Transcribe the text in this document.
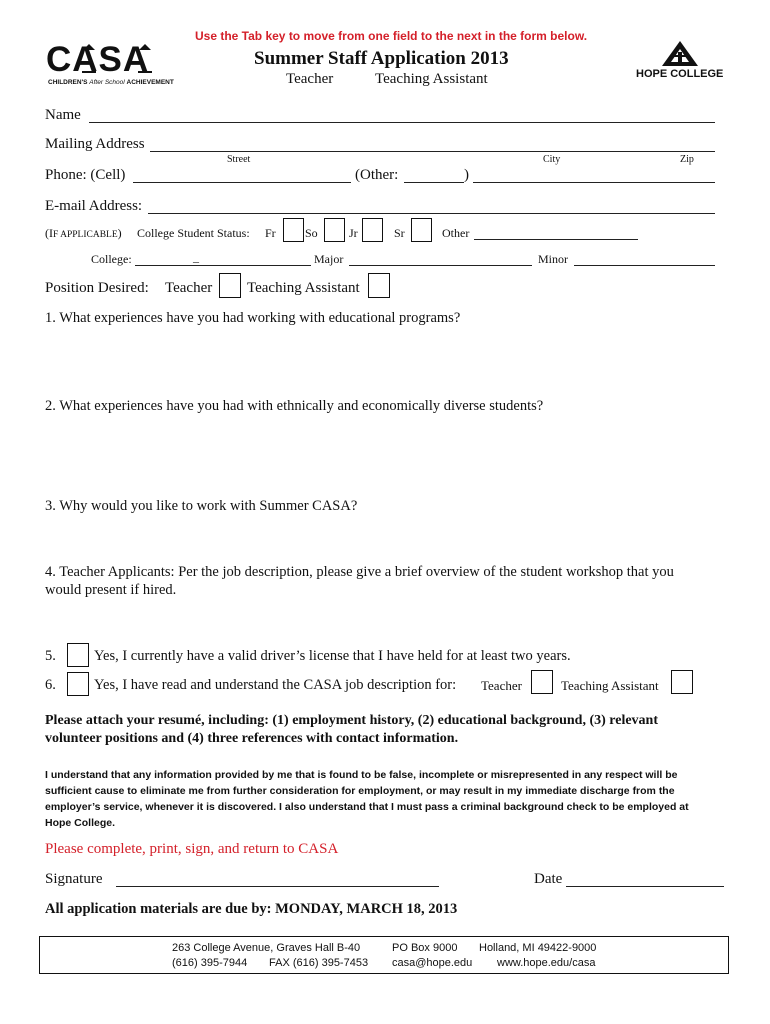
Use the Tab key to move from one field to the next in the form below.
CASA
CHILDREN'S After School ACHIEVEMENT
HOPE COLLEGE
Summer Staff Application 2013
Teacher	Teaching Assistant
Name
Mailing Address
Street	City	Zip
Phone: (Cell)	(Other:	)
E-mail Address:
(IF APPLICABLE) College Student Status: Fr So	Jr	Sr	Other
College:	_	Major	Minor
Position Desired: Teacher Teaching Assistant
1. What experiences have you had working with educational programs?
2. What experiences have you had with ethnically and economically diverse students?
3. Why would you like to work with Summer CASA?
4. Teacher Applicants: Per the job description, please give a brief overview of the student workshop that you
would present if hired.
5.	Yes, I currently have a valid driver’s license that I have held for at least two years.
6.	Yes, I have read and understand the CASA job description for: Teacher	Teaching Assistant
Please attach your resumé, including: (1) employment history, (2) educational background, (3) relevant
volunteer positions and (4) three references with contact information.
I understand that any information provided by me that is found to be false, incomplete or misrepresented in any respect will be
sufficient cause to eliminate me from further consideration for employment, or may result in my immediate discharge from the
employer’s service, whenever it is discovered. I also understand that I must pass a criminal background check to be employed at
Hope College.
Please complete, print, sign, and return to CASA
Signature	Date
All application materials are due by: MONDAY, MARCH 18, 2013
263 College Avenue, Graves Hall B-40	PO Box 9000 Holland, MI 49422-9000
(616) 395-7944 FAX (616) 395-7453 casa@hope.edu www.hope.edu/casa
